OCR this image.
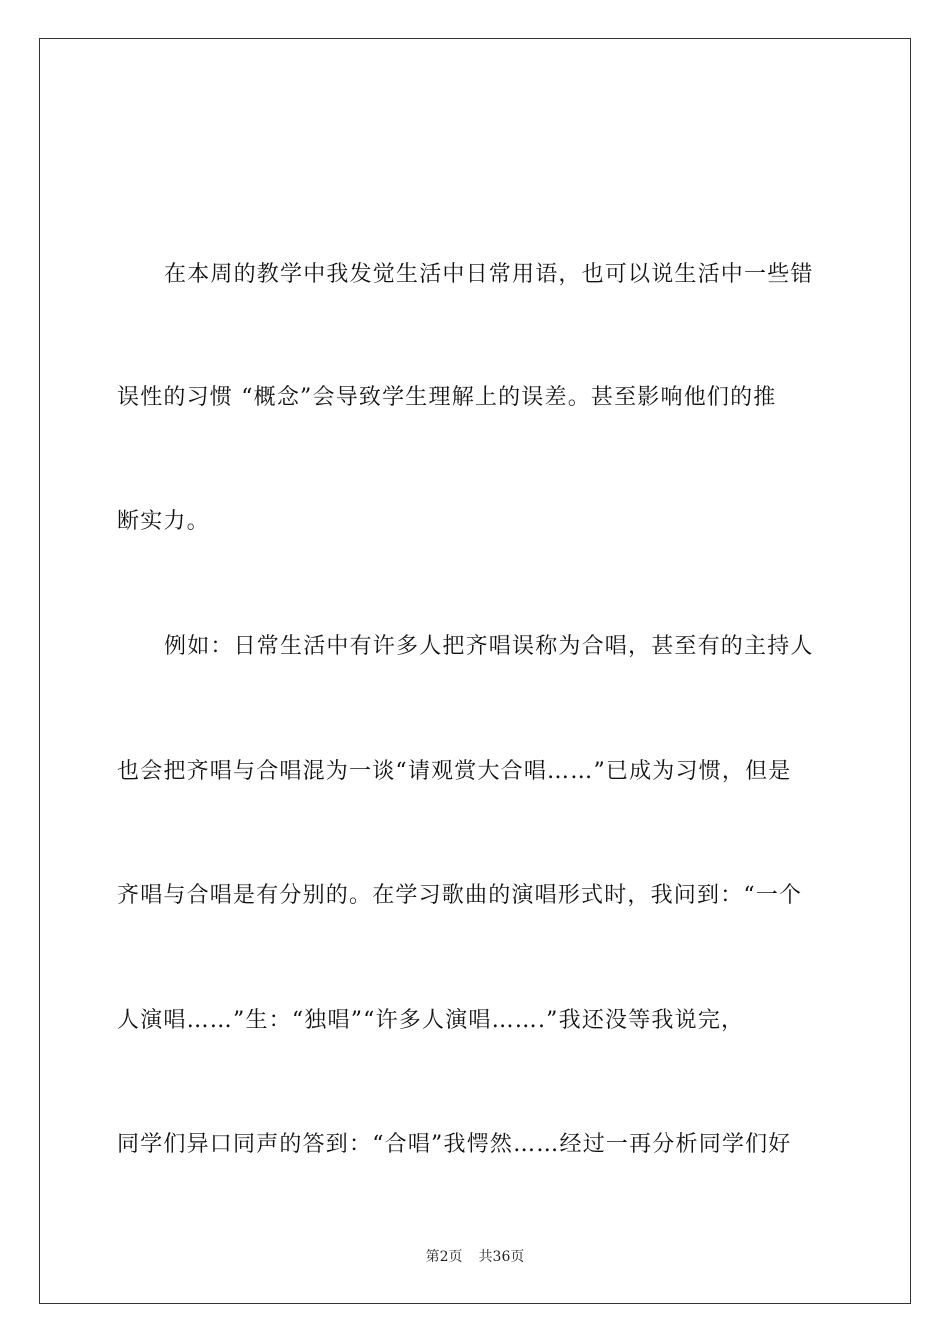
在本周的教学中我发觉生活中日常用语，也可以说生活中一些错
误性的习惯 “概念”会导致学生理解上的误差。甚至影响他们的推
断实力。
例如：日常生活中有许多人把齐唱误称为合唱，甚至有的主持人
也会把齐唱与合唱混为一谈“请观赏大合唱……”已成为习惯，但是
齐唱与合唱是有分别的。在学习歌曲的演唱形式时，我问到：“一个
人演唱……”生：“独唱”“许多人演唱…….”我还没等我说完，
同学们异口同声的答到：“合唱”我愕然……经过一再分析同学们好
第2页 共36页
